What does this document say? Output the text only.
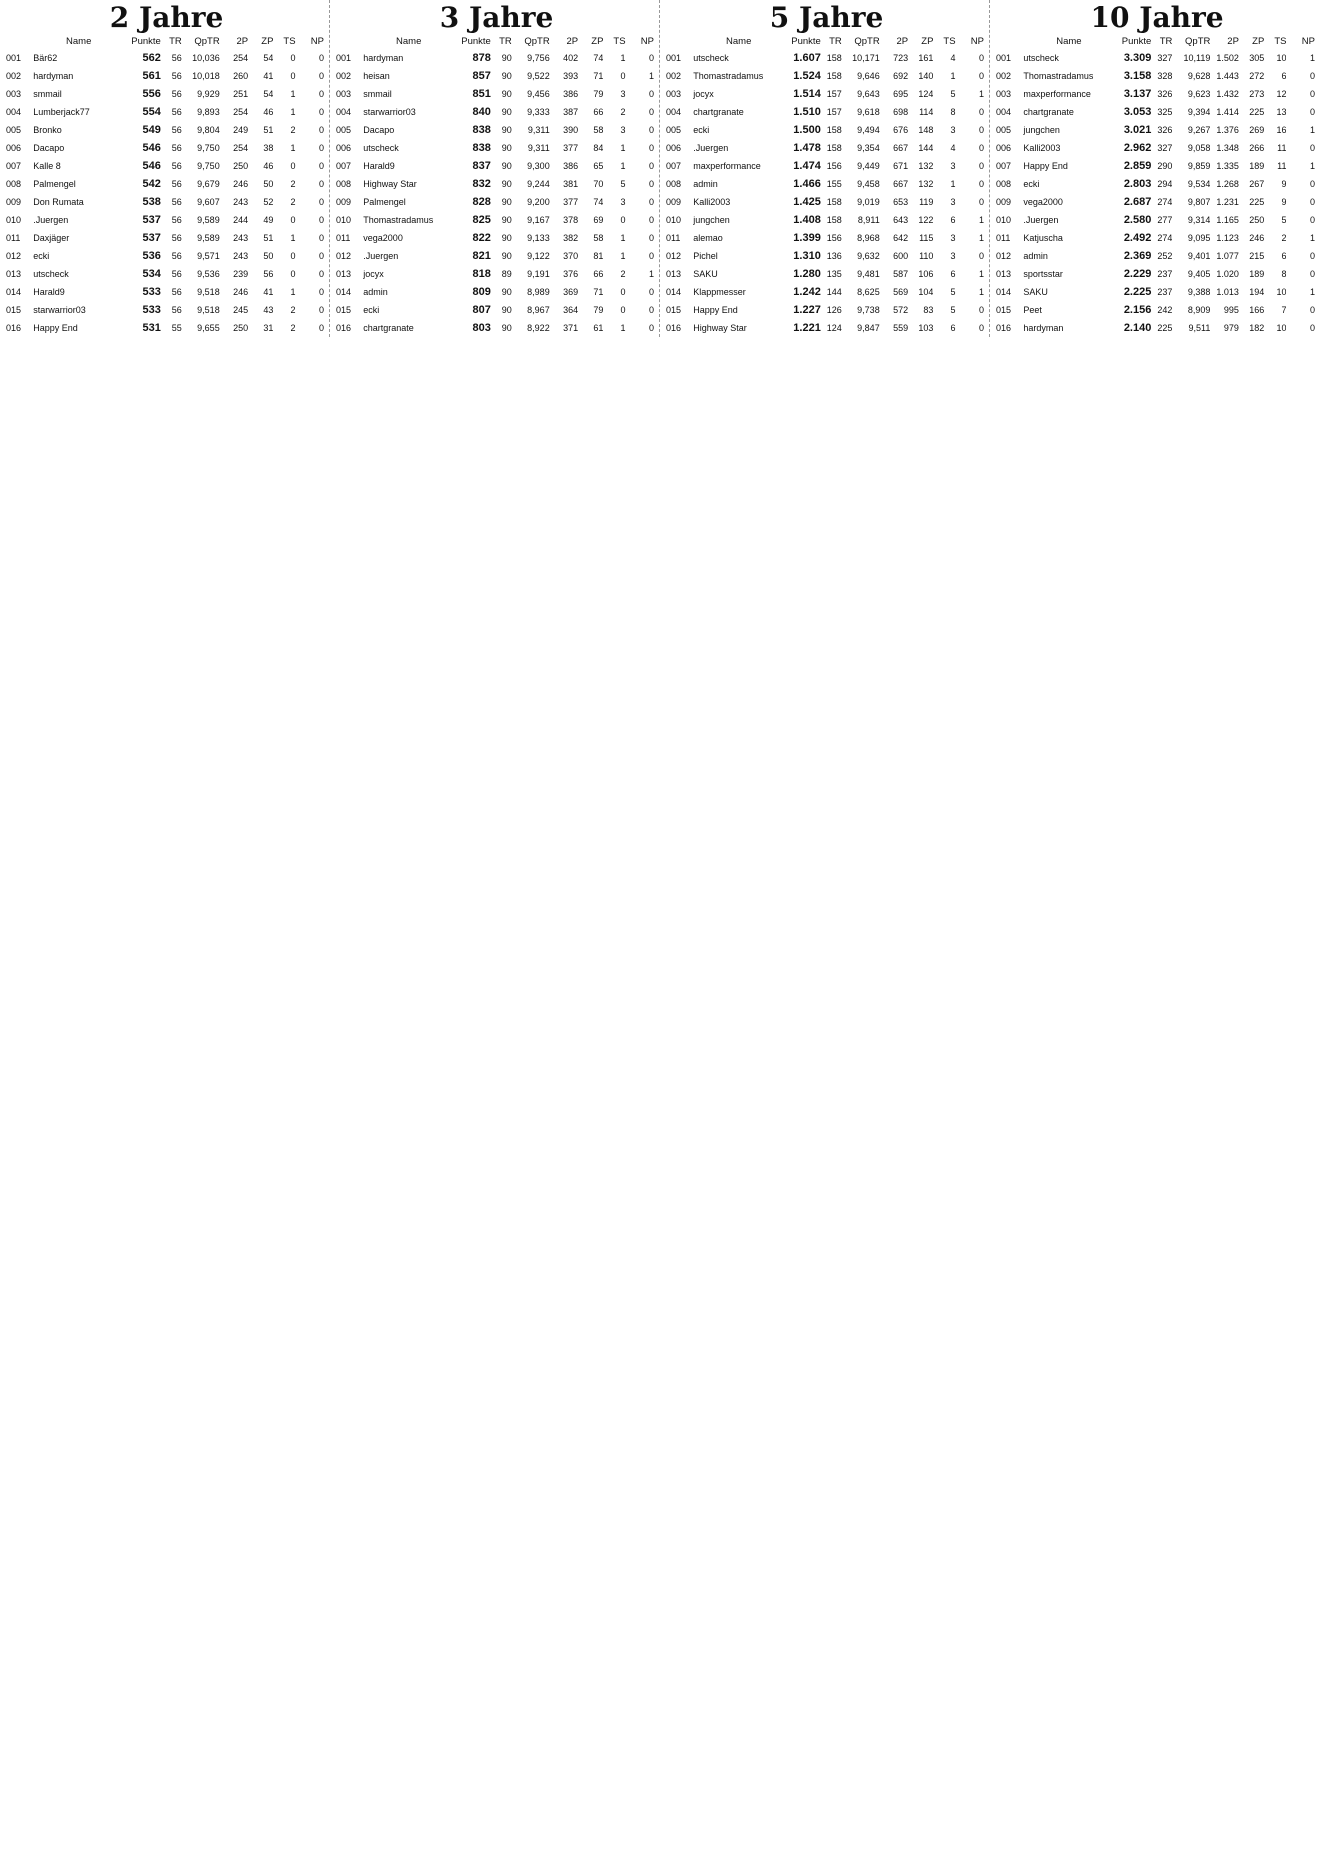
2 Jahre
	Name	Punkte	TR	QpTR	2P	ZP	TS	NP
001	Bär62	562	56	10,036	254	54	0	0
002	hardyman	561	56	10,018	260	41	0	0
003	smmail	556	56	9,929	251	54	1	0
004	Lumberjack77	554	56	9,893	254	46	1	0
005	Bronko	549	56	9,804	249	51	2	0
006	Dacapo	546	56	9,750	254	38	1	0
007	Kalle 8	546	56	9,750	250	46	0	0
008	Palmengel	542	56	9,679	246	50	2	0
009	Don Rumata	538	56	9,607	243	52	2	0
010	.Juergen	537	56	9,589	244	49	0	0
011	Daxjäger	537	56	9,589	243	51	1	0
012	ecki	536	56	9,571	243	50	0	0
013	utscheck	534	56	9,536	239	56	0	0
014	Harald9	533	56	9,518	246	41	1	0
015	starwarrior03	533	56	9,518	245	43	2	0
016	Happy End	531	55	9,655	250	31	2	0
3 Jahre
	Name	Punkte	TR	QpTR	2P	ZP	TS	NP
001	hardyman	878	90	9,756	402	74	1	0
002	heisan	857	90	9,522	393	71	0	1
003	smmail	851	90	9,456	386	79	3	0
004	starwarrior03	840	90	9,333	387	66	2	0
005	Dacapo	838	90	9,311	390	58	3	0
006	utscheck	838	90	9,311	377	84	1	0
007	Harald9	837	90	9,300	386	65	1	0
008	Highway Star	832	90	9,244	381	70	5	0
009	Palmengel	828	90	9,200	377	74	3	0
010	Thomastradamus	825	90	9,167	378	69	0	0
011	vega2000	822	90	9,133	382	58	1	0
012	.Juergen	821	90	9,122	370	81	1	0
013	jocyx	818	89	9,191	376	66	2	1
014	admin	809	90	8,989	369	71	0	0
015	ecki	807	90	8,967	364	79	0	0
016	chartgranate	803	90	8,922	371	61	1	0
5 Jahre
	Name	Punkte	TR	QpTR	2P	ZP	TS	NP
001	utscheck	1.607	158	10,171	723	161	4	0
002	Thomastradamus	1.524	158	9,646	692	140	1	0
003	jocyx	1.514	157	9,643	695	124	5	1
004	chartgranate	1.510	157	9,618	698	114	8	0
005	ecki	1.500	158	9,494	676	148	3	0
006	.Juergen	1.478	158	9,354	667	144	4	0
007	maxperformance	1.474	156	9,449	671	132	3	0
008	admin	1.466	155	9,458	667	132	1	0
009	Kalli2003	1.425	158	9,019	653	119	3	0
010	jungchen	1.408	158	8,911	643	122	6	1
011	alemao	1.399	156	8,968	642	115	3	1
012	Pichel	1.310	136	9,632	600	110	3	0
013	SAKU	1.280	135	9,481	587	106	6	1
014	Klappmesser	1.242	144	8,625	569	104	5	1
015	Happy End	1.227	126	9,738	572	83	5	0
016	Highway Star	1.221	124	9,847	559	103	6	0
10 Jahre
	Name	Punkte	TR	QpTR	2P	ZP	TS	NP
001	utscheck	3.309	327	10,119	1.502	305	10	1
002	Thomastradamus	3.158	328	9,628	1.443	272	6	0
003	maxperformance	3.137	326	9,623	1.432	273	12	0
004	chartgranate	3.053	325	9,394	1.414	225	13	0
005	jungchen	3.021	326	9,267	1.376	269	16	1
006	Kalli2003	2.962	327	9,058	1.348	266	11	0
007	Happy End	2.859	290	9,859	1.335	189	11	1
008	ecki	2.803	294	9,534	1.268	267	9	0
009	vega2000	2.687	274	9,807	1.231	225	9	0
010	.Juergen	2.580	277	9,314	1.165	250	5	0
011	Katjuscha	2.492	274	9,095	1.123	246	2	1
012	admin	2.369	252	9,401	1.077	215	6	0
013	sportsstar	2.229	237	9,405	1.020	189	8	0
014	SAKU	2.225	237	9,388	1.013	194	10	1
015	Peet	2.156	242	8,909	995	166	7	0
016	hardyman	2.140	225	9,511	979	182	10	0
